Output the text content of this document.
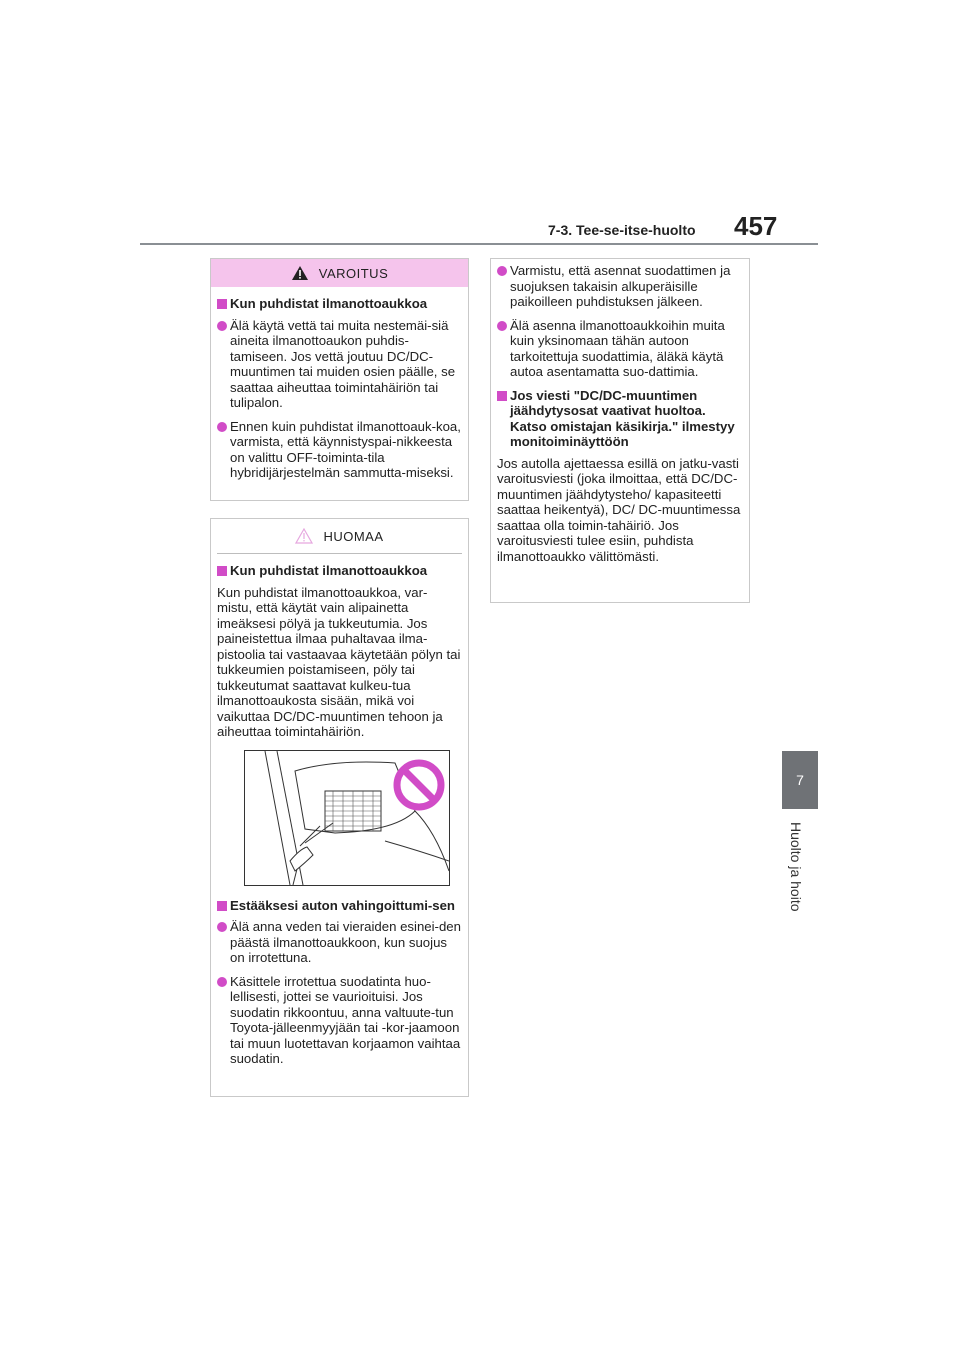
7-3. Tee-se-itse-huolto 457
7
Huolto ja hoito
VAROITUS
Kun puhdistat ilmanottoaukkoa
Älä käytä vettä tai muita nestemäi-siä aineita ilmanottoaukon puhdis-tamiseen. Jos vettä joutuu DC/DC-muuntimen tai muiden osien päälle, se saattaa aiheuttaa toimintahäiriön tai tulipalon.
Ennen kuin puhdistat ilmanottoauk-koa, varmista, että käynnistyspai-nikkeesta on valittu OFF-toiminta-tila hybridijärjestelmän sammutta-miseksi.
HUOMAA
Kun puhdistat ilmanottoaukkoa
Kun puhdistat ilmanottoaukkoa, var-mistu, että käytät vain alipainetta imeäksesi pölyä ja tukkeutumia. Jos paineistettua ilmaa puhaltavaa ilma-pistoolia tai vastaavaa käytetään pölyn tai tukkeumien poistamiseen, pöly tai tukkeutumat saattavat kulkeu-tua ilmanottoaukosta sisään, mikä voi vaikuttaa DC/DC-muuntimen tehoon ja aiheuttaa toimintahäiriön.
Estääksesi auton vahingoittumi-sen
Älä anna veden tai vieraiden esinei-den päästä ilmanottoaukkoon, kun suojus on irrotettuna.
Käsittele irrotettua suodatinta huo-lellisesti, jottei se vaurioituisi. Jos suodatin rikkoontuu, anna valtuute-tun Toyota-jälleenmyyjään tai -kor-jaamoon tai muun luotettavan korjaamon vaihtaa suodatin.
Varmistu, että asennat suodattimen ja suojuksen takaisin alkuperäisille paikoilleen puhdistuksen jälkeen.
Älä asenna ilmanottoaukkoihin muita kuin yksinomaan tähän autoon tarkoitettuja suodattimia, äläkä käytä autoa asentamatta suo-dattimia.
Jos viesti "DC/DC-muuntimen jäähdytysosat vaativat huoltoa. Katso omistajan käsikirja." ilmestyy monitoiminäyttöön
Jos autolla ajettaessa esillä on jatku-vasti varoitusviesti (joka ilmoittaa, että DC/DC-muuntimen jäähdytysteho/ kapasiteetti saattaa heikentyä), DC/ DC-muuntimessa saattaa olla toimin-tahäiriö. Jos varoitusviesti tulee esiin, puhdista ilmanottoaukko välittömästi.
